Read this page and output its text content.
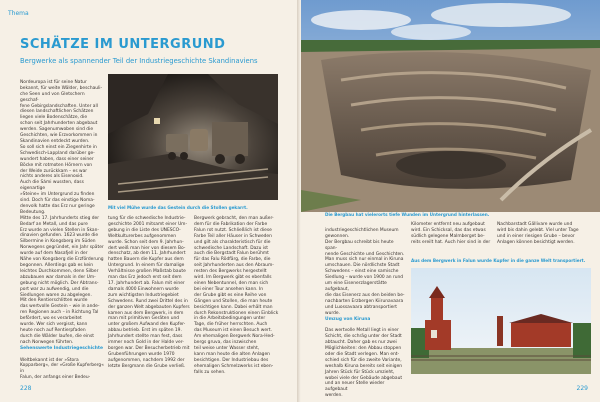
Thema
SCHÄTZE IM UNTERGRUND
Bergwerke als spannender Teil der Industriegeschichte Skandinaviens

Nordeuropa ist für seine Natur
bekannt, für weite Wälder, beschauli-
che Seen und von Gletschern geschaf-
fene Gebirgslandschaften. Unter all
diesen landschaftlichen Schätzen
liegen viele Bodenschätze, die
schon seit Jahrhunderten abgebaut
werden. Sagenumwoben sind die
Geschichten, wie Erzvorkommen in
Skandinavien entdeckt wurden.
So soll sich einst ein Ziegenhirte in
Schwedisch-Lappland darüber ge-
wundert haben, dass einer seiner
Böcke mit rotmoten Hörnern von
der Weide zurückkam – es war
nichts anderes als Eisenoxid.
Auch die Sámi wussten, dass eigenartige
»Steine« im Untergrund zu finden
sind. Doch für das einstige Noma-
denvolk hatte das Erz nur geringe
Bedeutung.
Mitte des 17. Jahrhunderts stieg der
Bedarf an Metall, und das pure
Erz wurde an vielen Stellen in Skan-
dinavien gefunden. 1623 wurde die
Silbermine in Kongsberg im Süden
Norwegens gegründet, ein Jahr später
wurde auf dem Nasafjell in der
Nähe von Kongsberg die Erzförderung
begonnen. Allerdings gab es kein
leichtes Durchkommen, denn Silber
abzubauen war damals in der Um-
gebung nicht möglich. Der Abtrans-
port war zu aufwendig, und die
Siedlungen waren zu abgelegen.
Mit den Rentierschlitten wurde
das wertvolle Gestein – wie in ande-
ren Regionen auch – in Richtung Tal
befördert, wo es verarbeitet
wurde. Wer sich vergisst, kann
heute noch auf Rentierpfaden
durch die Wälder laufen, die einst
nach Norwegen führten.

Sehenswerte Industriegeschichte

Weltbekannt ist der »Stora Kopparberg«, der »Große Kupferberg« in
Falun, der anfangs einer Bedeu-

Mit viel Mühe wurde das Gestein durch die Stollen gekarrt.
tung für die schwedische Industrie-
geschichte 2001 mitsamt einer Um-
gebung in die Liste des UNESCO-
Weltkulturerbes aufgenommen
wurde. Schon seit dem 9. Jahrhun-
dert weiß man hier von diesem Bo-
denschatz, ab dem 11. Jahrhundert
hatten Bauern die Kupfer aus dem
Untergrund. In einem für damalige
Verhältnisse großen Maßstab baute
man das Erz jedoch erst seit dem
17. Jahrhundert ab. Falun mit einer
damals 4000 Einwohnern wurde
zum wichtigsten Industriegebiet
Schwedens. Rund zwei Drittel des in
der ganzen Welt abgebauten Kupfers
kamen aus dem Bergwerk, in dem
man mit primitiven Geräten und
unter großem Aufwand den Kupfer-
abbau betrieb. Erst im späten 19.
Jahrhundert stellte man fest, dass
immer noch Gold in der Halde ver-
borgen war. Der Besucherbetrieb mit
Grubenführungen wurde 1970
aufgenommen, nachdem 1992 der
letzte Bergmann die Grube verließ.
Bergwerk gebracht, den man außer-
dem für die Fabrikation der Farbe
Falun rot nutzt. Schließlich ist diese
Farbe Teil aller Häuser in Schweden
und gilt als charakteristisch für die
schwedische Landschaft. Dazu ist
auch die Bergstadt Falun berühmt
für das Falu Rödfärg, die Farbe, die
seit Jahrhunderten aus den Abraum-
resten des Bergwerks hergestellt
wird. Im Bergwerk gibt es ebenfalls
einen Nebentunnel, den man sich
bei einer Tour ansehen kann. In
der Grube gibt es eine Reihe von
Gängen und Stollen, die man heute
besichtigen kann. Dabei erhält man
durch Rekonstruktionen einen Einblick
in die Arbeitsbedingungen unter
Tage, die früher herrschten. Auch
das Museum ist einen Besuch wert.
Am ehemaligen Bergwerk Nora-Hed-
bergs gruva, das inzwischen
teil weise unter Wasser steht,
kann man heute die alten Anlagen
besichtigen. Der Industriebau des
ehemaligen Schmelzwerks ist eben-
falls zu sehen.
228
Die Bergbau hat vielerorts tiefe Wunden im Untergrund hinterlassen.

industriegeschichtlichen Museum
gewonnen.
Der Bergbau schreibt bis heute span-
nende Geschichte und Geschichten.
Man muss sich nur einmal in Kiruna
umschauen. Die nördlichste Stadt
Schwedens – einst eine samische
Siedlung – wurde von 1900 an rund
um eine Eisenerzlagerstätte aufgebaut,
die das Eisenerz aus den beiden be-
nachbarten Erzbergen Kiirunavaara
und Luossavaara abtransportiert
wurde.

Umzug von Kiruna

Das wertvolle Metall liegt in einer
Schicht, die schräg unter der Stadt
abtaucht. Daher gab es nur zwei
Möglichkeiten: den Abbau stoppen
oder die Stadt verlegen. Man ent-
schied sich für die zweite Variante,
weshalb Kiruna bereits seit einigen
Jahren Stück für Stück umzieht,
wobei viele der Gebäude abgebaut
und an neuer Stelle wieder aufgebaut
werden.

Kilometer entfernt neu aufgebaut
wird. Ein Schicksal, das das etwas
südlich gelegene Malmberget be-
reits ereilt hat. Auch hier sind in der
Nachbarstadt Gällivare wurde und
wird bis dahin gelebt. Viel unter Tage
und in einer riesigen Grube – bevor
Anlagen können besichtigt werden.
Aus dem Bergwerk in Falun wurde Kupfer in die ganze Welt transportiert.
229
